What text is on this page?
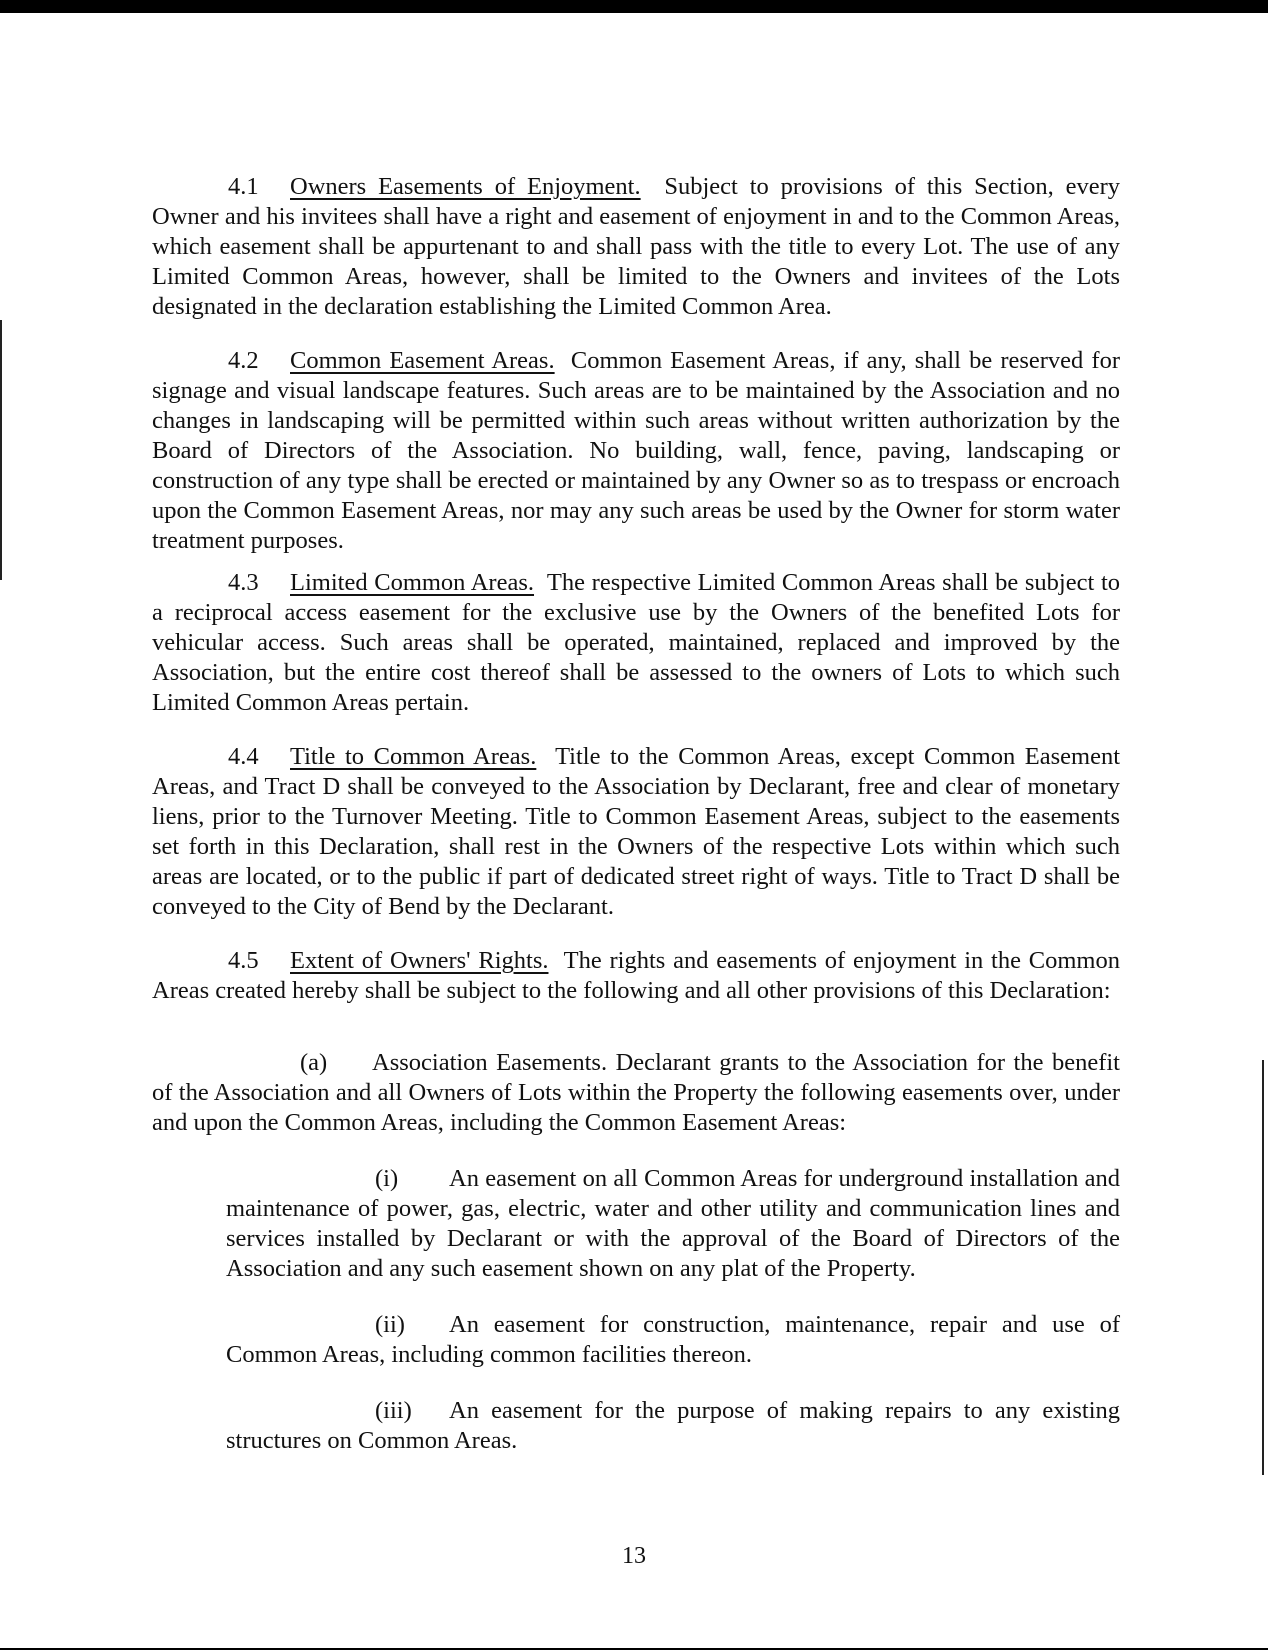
4.1 Owners Easements of Enjoyment. Subject to provisions of this Section, every Owner and his invitees shall have a right and easement of enjoyment in and to the Common Areas, which easement shall be appurtenant to and shall pass with the title to every Lot. The use of any Limited Common Areas, however, shall be limited to the Owners and invitees of the Lots designated in the declaration establishing the Limited Common Area.

4.2 Common Easement Areas. Common Easement Areas, if any, shall be reserved for signage and visual landscape features. Such areas are to be maintained by the Association and no changes in landscaping will be permitted within such areas without written authorization by the Board of Directors of the Association. No building, wall, fence, paving, landscaping or construction of any type shall be erected or maintained by any Owner so as to trespass or encroach upon the Common Easement Areas, nor may any such areas be used by the Owner for storm water treatment purposes.

4.3 Limited Common Areas. The respective Limited Common Areas shall be subject to a reciprocal access easement for the exclusive use by the Owners of the benefited Lots for vehicular access. Such areas shall be operated, maintained, replaced and improved by the Association, but the entire cost thereof shall be assessed to the owners of Lots to which such Limited Common Areas pertain.

4.4 Title to Common Areas. Title to the Common Areas, except Common Easement Areas, and Tract D shall be conveyed to the Association by Declarant, free and clear of monetary liens, prior to the Turnover Meeting. Title to Common Easement Areas, subject to the easements set forth in this Declaration, shall rest in the Owners of the respective Lots within which such areas are located, or to the public if part of dedicated street right of ways. Title to Tract D shall be conveyed to the City of Bend by the Declarant.

4.5 Extent of Owners' Rights. The rights and easements of enjoyment in the Common Areas created hereby shall be subject to the following and all other provisions of this Declaration:

(a) Association Easements. Declarant grants to the Association for the benefit of the Association and all Owners of Lots within the Property the following easements over, under and upon the Common Areas, including the Common Easement Areas:

(i) An easement on all Common Areas for underground installation and maintenance of power, gas, electric, water and other utility and communication lines and services installed by Declarant or with the approval of the Board of Directors of the Association and any such easement shown on any plat of the Property.

(ii) An easement for construction, maintenance, repair and use of Common Areas, including common facilities thereon.

(iii) An easement for the purpose of making repairs to any existing structures on Common Areas.

13
